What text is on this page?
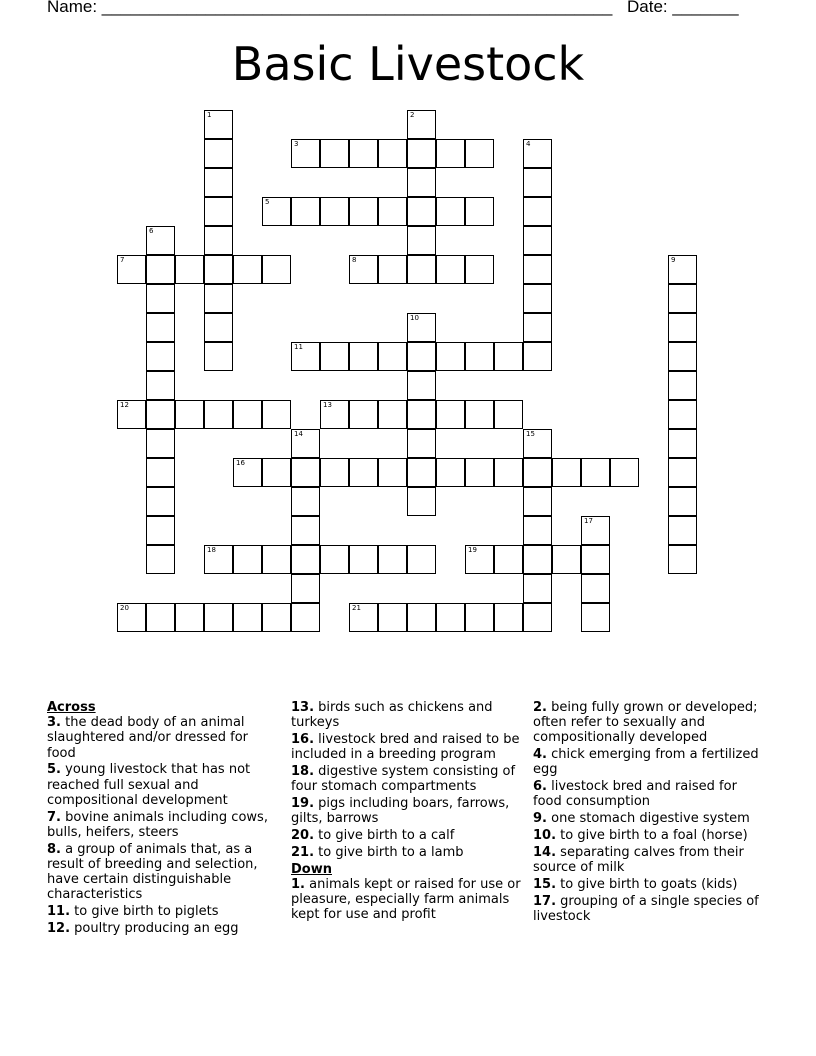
Name: ______________________________________________________ Date: _______
Basic Livestock
1	2
3	4
5
6
7	8	9
10
11
12	13
14	15
16
17
18	19
20	21
Across
3. the dead body of an animal slaughtered and/or dressed for food
5. young livestock that has not reached full sexual and compositional development
7. bovine animals including cows, bulls, heifers, steers
8. a group of animals that, as a result of breeding and selection, have certain distinguishable characteristics
11. to give birth to piglets
12. poultry producing an egg
13. birds such as chickens and turkeys
16. livestock bred and raised to be included in a breeding program
18. digestive system consisting of four stomach compartments
19. pigs including boars, farrows, gilts, barrows
20. to give birth to a calf
21. to give birth to a lamb
Down
1. animals kept or raised for use or pleasure, especially farm animals kept for use and profit
2. being fully grown or developed; often refer to sexually and compositionally developed
4. chick emerging from a fertilized egg
6. livestock bred and raised for food consumption
9. one stomach digestive system
10. to give birth to a foal (horse)
14. separating calves from their source of milk
15. to give birth to goats (kids)
17. grouping of a single species of livestock
